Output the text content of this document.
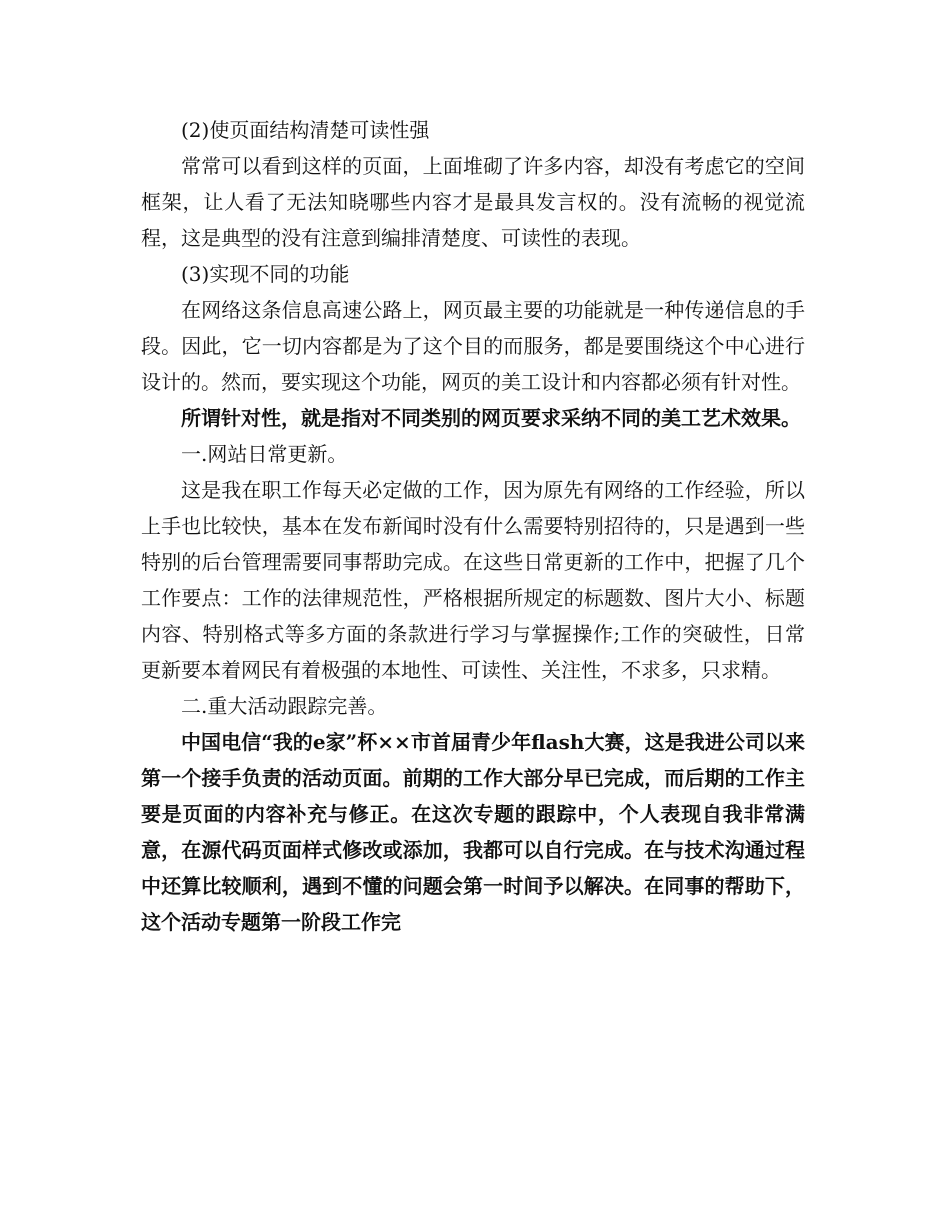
(2)使页面结构清楚可读性强

常常可以看到这样的页面，上面堆砌了许多内容，却没有考虑它的空间框架，让人看了无法知晓哪些内容才是最具发言权的。没有流畅的视觉流程，这是典型的没有注意到编排清楚度、可读性的表现。

(3)实现不同的功能

在网络这条信息高速公路上，网页最主要的功能就是一种传递信息的手段。因此，它一切内容都是为了这个目的而服务，都是要围绕这个中心进行设计的。然而，要实现这个功能，网页的美工设计和内容都必须有针对性。

所谓针对性，就是指对不同类别的网页要求采纳不同的美工艺术效果。

一.网站日常更新。

这是我在职工作每天必定做的工作，因为原先有网络的工作经验，所以上手也比较快，基本在发布新闻时没有什么需要特别招待的，只是遇到一些特别的后台管理需要同事帮助完成。在这些日常更新的工作中，把握了几个工作要点：工作的法律规范性，严格根据所规定的标题数、图片大小、标题内容、特别格式等多方面的条款进行学习与掌握操作;工作的突破性，日常更新要本着网民有着极强的本地性、可读性、关注性，不求多，只求精。

二.重大活动跟踪完善。

中国电信“我的e家”杯××市首届青少年flash大赛，这是我进公司以来第一个接手负责的活动页面。前期的工作大部分早已完成，而后期的工作主要是页面的内容补充与修正。在这次专题的跟踪中，个人表现自我非常满意，在源代码页面样式修改或添加，我都可以自行完成。在与技术沟通过程中还算比较顺利，遇到不懂的问题会第一时间予以解决。在同事的帮助下，这个活动专题第一阶段工作完
